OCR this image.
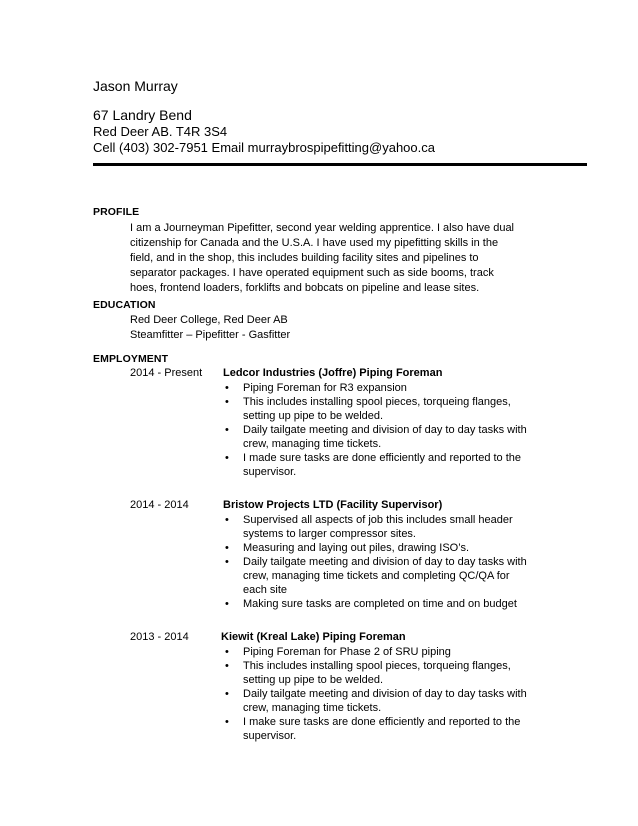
Jason Murray
67 Landry Bend
Red Deer AB. T4R 3S4
Cell (403) 302-7951 Email murraybrospipefitting@yahoo.ca
PROFILE
I am a Journeyman Pipefitter, second year welding apprentice. I also have dual
citizenship for Canada and the U.S.A. I have used my pipefitting skills in the
field, and in the shop, this includes building facility sites and pipelines to
separator packages. I have operated equipment such as side booms, track
hoes, frontend loaders, forklifts and bobcats on pipeline and lease sites.
EDUCATION
Red Deer College, Red Deer AB
Steamfitter – Pipefitter - Gasfitter
EMPLOYMENT
2014 - Present Ledcor Industries (Joffre) Piping Foreman
• Piping Foreman for R3 expansion
• This includes installing spool pieces, torqueing flanges,
setting up pipe to be welded.
• Daily tailgate meeting and division of day to day tasks with
crew, managing time tickets.
• I made sure tasks are done efficiently and reported to the
supervisor.
2014 - 2014	Bristow Projects LTD (Facility Supervisor)
• Supervised all aspects of job this includes small header
systems to larger compressor sites.
• Measuring and laying out piles, drawing ISO’s.
• Daily tailgate meeting and division of day to day tasks with
crew, managing time tickets and completing QC/QA for
each site
• Making sure tasks are completed on time and on budget
2013 - 2014	Kiewit (Kreal Lake) Piping Foreman
• Piping Foreman for Phase 2 of SRU piping
• This includes installing spool pieces, torqueing flanges,
setting up pipe to be welded.
• Daily tailgate meeting and division of day to day tasks with
crew, managing time tickets.
• I make sure tasks are done efficiently and reported to the
supervisor.
